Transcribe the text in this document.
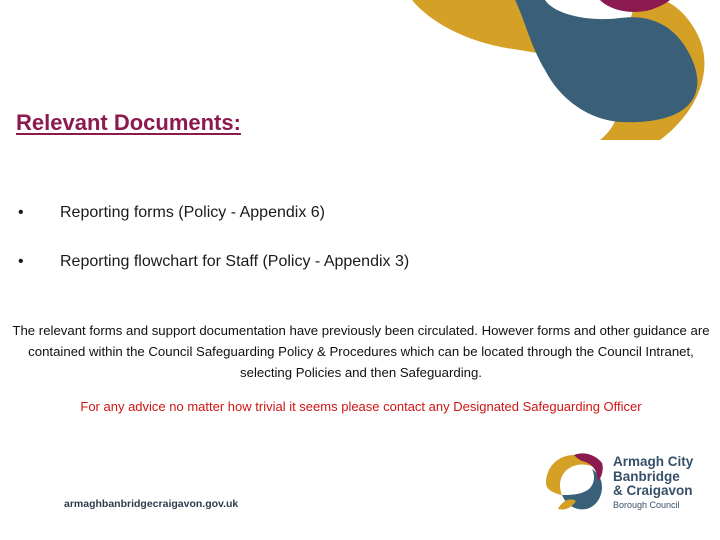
Relevant Documents:
•	Reporting forms (Policy - Appendix 6)
•	Reporting flowchart for Staff (Policy - Appendix 3)
The relevant forms and support documentation have previously been circulated. However forms and other guidance are contained within the Council Safeguarding Policy & Procedures which can be located through the Council Intranet, selecting Policies and then Safeguarding.
For any advice no matter how trivial it seems please contact any Designated Safeguarding Officer
armaghbanbridgecraigavon.gov.uk
Armagh City
Banbridge
& Craigavon
Borough Council
